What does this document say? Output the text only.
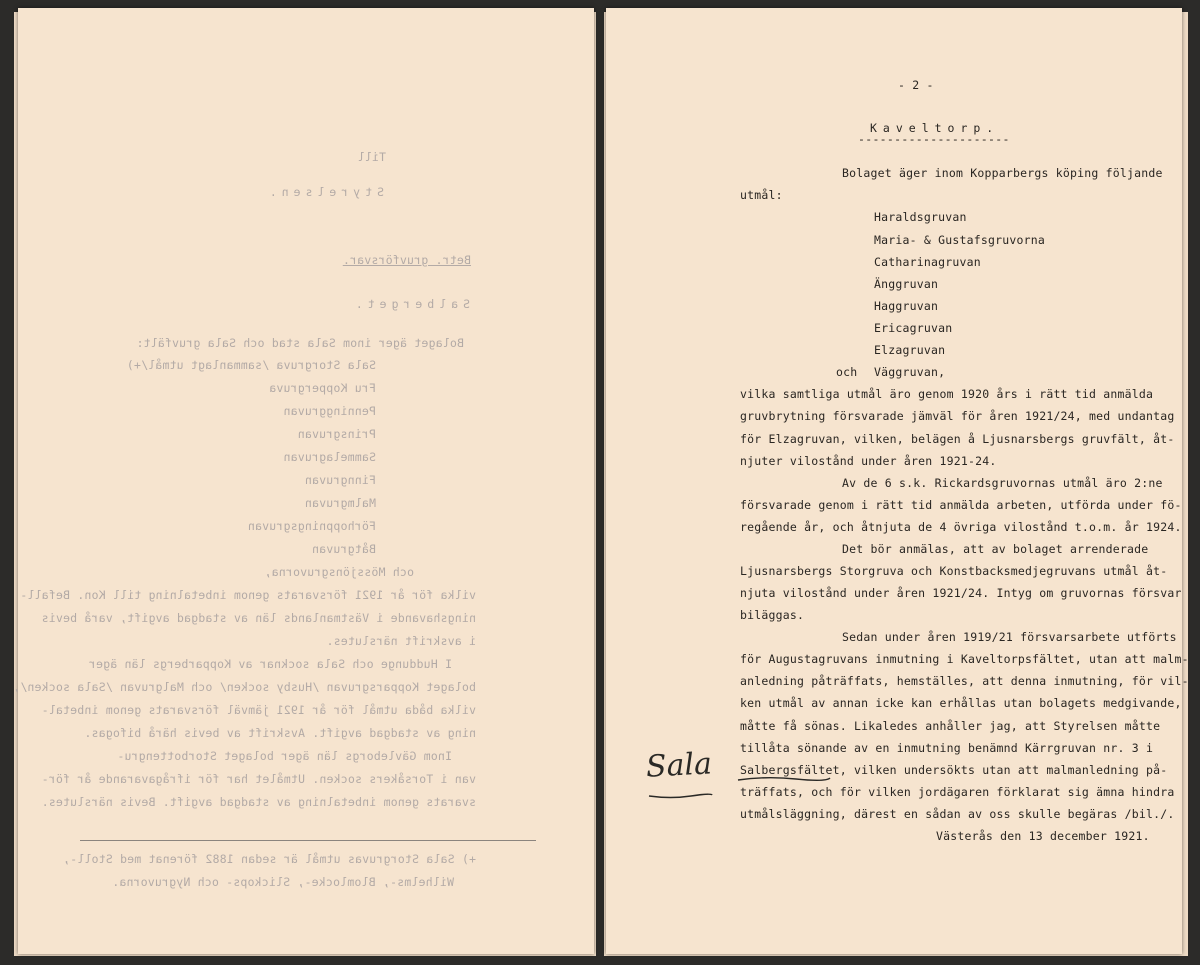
Till
Styrelsen.
Betr. gruvförsvar.
Salberget.
Bolaget äger inom Sala stad och Sala gruvfält:
Sala Storgruva /sammanlagt utmål/+)
Fru Koppergruva
Penninggruvan
Prinsgruvan
Sammelagruvan
Finngruvan
Malmgruvan
Förhoppningsgruvan
Båtgruvan
och Mössjönsgruvorna,
vilka för år 1921 försvarats genom inbetalning till Kon. Befall-
ningshavande i Västmanlands län av stadgad avgift, varå bevis
i avskrift närslutes.
I Huddunge och Sala socknar av Kopparbergs län äger
bolaget Kopparsgruvan /Husby socken/ och Malgruvan /Sala socken/,
vilka båda utmål för år 1921 jämväl försvarats genom inbetal-
ning av stadgad avgift. Avskrift av bevis härå bifogas.
Inom Gävleborgs län äger bolaget Storbottengru-
van i Torsåkers socken. Utmålet har för ifrågavarande år för-
svarats genom inbetalning av stadgad avgift. Bevis närslutes.
+) Sala Storgruvas utmål är sedan 1882 förenat med Stoll-,
Wilhelms-, Blomlocke-, Slickops- och Nygruvorna.
- 2 -
Kaveltorp.
---------------------
Bolaget äger inom Kopparbergs köping följande
utmål:
Haraldsgruvan
Maria- & Gustafsgruvorna
Catharinagruvan
Änggruvan
Haggruvan
Ericagruvan
Elzagruvan
och Väggruvan,
vilka samtliga utmål äro genom 1920 års i rätt tid anmälda
gruvbrytning försvarade jämväl för åren 1921/24, med undantag
för Elzagruvan, vilken, belägen å Ljusnarsbergs gruvfält, åt-
njuter vilostånd under åren 1921-24.
Av de 6 s.k. Rickardsgruvornas utmål äro 2:ne
försvarade genom i rätt tid anmälda arbeten, utförda under fö-
regående år, och åtnjuta de 4 övriga vilostånd t.o.m. år 1924.
Det bör anmälas, att av bolaget arrenderade
Ljusnarsbergs Storgruva och Konstbacksmedjegruvans utmål åt-
njuta vilostånd under åren 1921/24. Intyg om gruvornas försvar
biläggas.
Sedan under åren 1919/21 försvarsarbete utförts
för Augustagruvans inmutning i Kaveltorpsfältet, utan att malm-
anledning påträffats, hemställes, att denna inmutning, för vil-
ken utmål av annan icke kan erhållas utan bolagets medgivande,
måtte få sönas. Likaledes anhåller jag, att Styrelsen måtte
tillåta sönande av en inmutning benämnd Kärrgruvan nr. 3 i
Salbergsfältet, vilken undersökts utan att malmanledning på-
träffats, och för vilken jordägaren förklarat sig ämna hindra
utmålsläggning, därest en sådan av oss skulle begäras /bil./.
Västerås den 13 december 1921.
Sala
